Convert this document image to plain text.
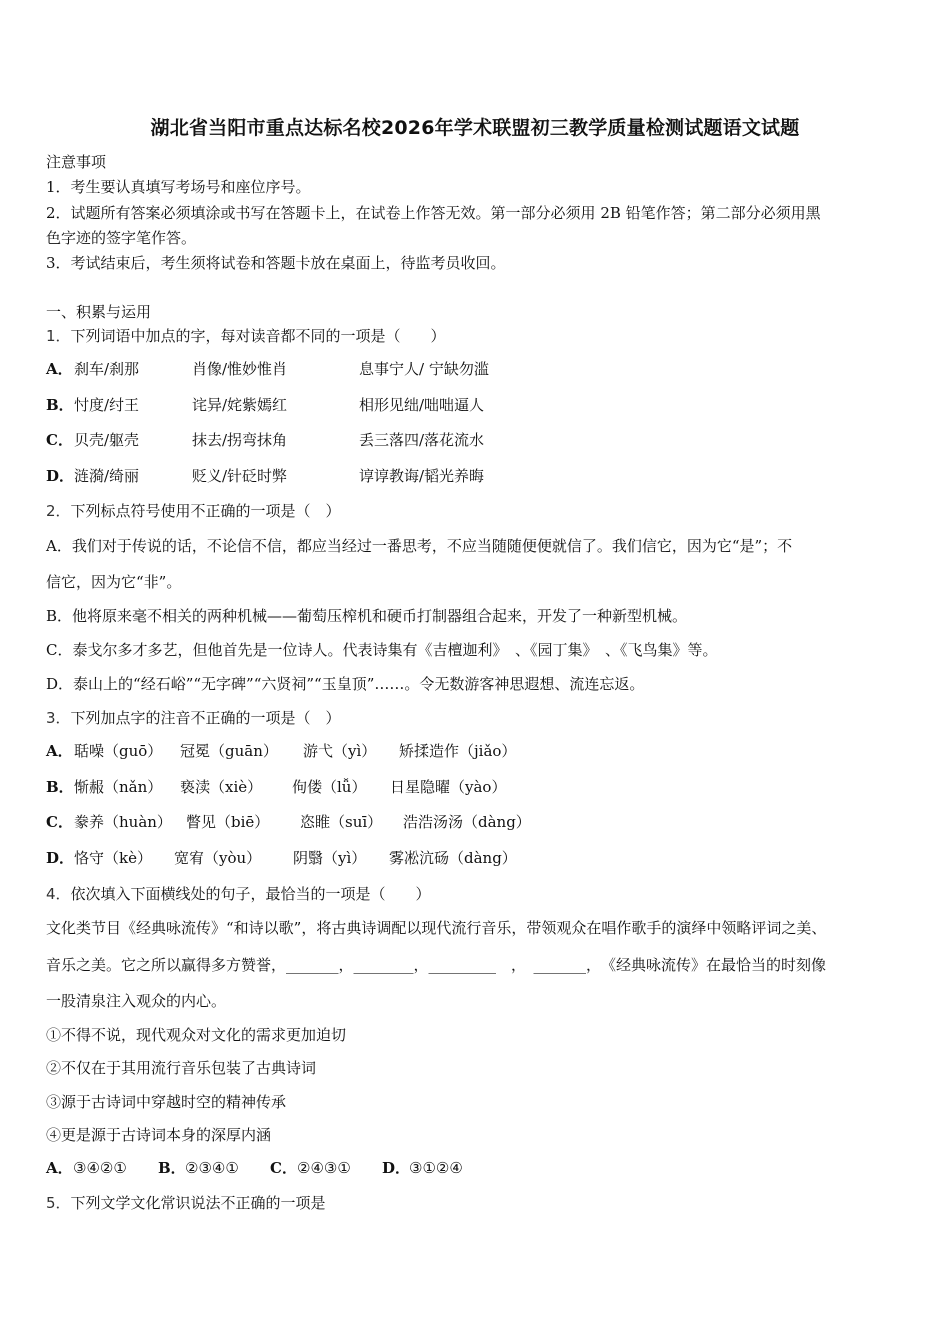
湖北省当阳市重点达标名校2026年学术联盟初三教学质量检测试题语文试题
注意事项
1．考生要认真填写考场号和座位序号。
2．试题所有答案必须填涂或书写在答题卡上，在试卷上作答无效。第一部分必须用 2B 铅笔作答；第二部分必须用黑
色字迹的签字笔作答。
3．考试结束后，考生须将试卷和答题卡放在桌面上，待监考员收回。
一、积累与运用
1．下列词语中加点的字，每对读音都不同的一项是（　　）
A． 刹车/刹那	肖像/惟妙惟肖	息事宁人/ 宁缺勿滥
B． 忖度/纣王	诧异/姹紫嫣红	相形见绌/咄咄逼人
C． 贝壳/躯壳	抹去/拐弯抹角	丢三落四/落花流水
D． 涟漪/绮丽	贬义/针砭时弊	谆谆教诲/韬光养晦
2．下列标点符号使用不正确的一项是（　）
A．我们对于传说的话，不论信不信，都应当经过一番思考，不应当随随便便就信了。我们信它，因为它“是”；不
信它，因为它“非”。
B．他将原来毫不相关的两种机械——葡萄压榨机和硬币打制器组合起来，开发了一种新型机械。
C．泰戈尔多才多艺，但他首先是一位诗人。代表诗集有《吉檀迦利》　、《园丁集》　、《飞鸟集》等。
D．泰山上的“经石峪”“无字碑”“六贤祠”“玉皇顶”……。令无数游客神思遐想、流连忘返。
3．下列加点字的注音不正确的一项是（　）
A． 聒噪（guō） 冠冕（guān） 游弋（yì） 矫揉造作（jiǎo）
B． 惭赧（nǎn） 亵渎（xiè） 佝偻（lǚ） 日星隐曜（yào）
C． 豢养（huàn） 瞥见（biē） 恣睢（suī） 浩浩汤汤（dàng）
D． 恪守（kè） 宽宥（yòu） 阴翳（yì） 雾凇沆砀（dàng）
4．依次填入下面横线处的句子，最恰当的一项是（　　）
文化类节目《经典咏流传》“和诗以歌”，将古典诗调配以现代流行音乐，带领观众在唱作歌手的演绎中领略评词之美、
音乐之美。它之所以赢得多方赞誉，_______，________，_________　，　_______，　《经典咏流传》在最恰当的时刻像
一股清泉注入观众的内心。
①不得不说，现代观众对文化的需求更加迫切
②不仅在于其用流行音乐包装了古典诗词
③源于古诗词中穿越时空的精神传承
④更是源于古诗词本身的深厚内涵
A． ③④②① B． ②③④① C． ②④③① D．
③①②④
5．下列文学文化常识说法不正确的一项是
